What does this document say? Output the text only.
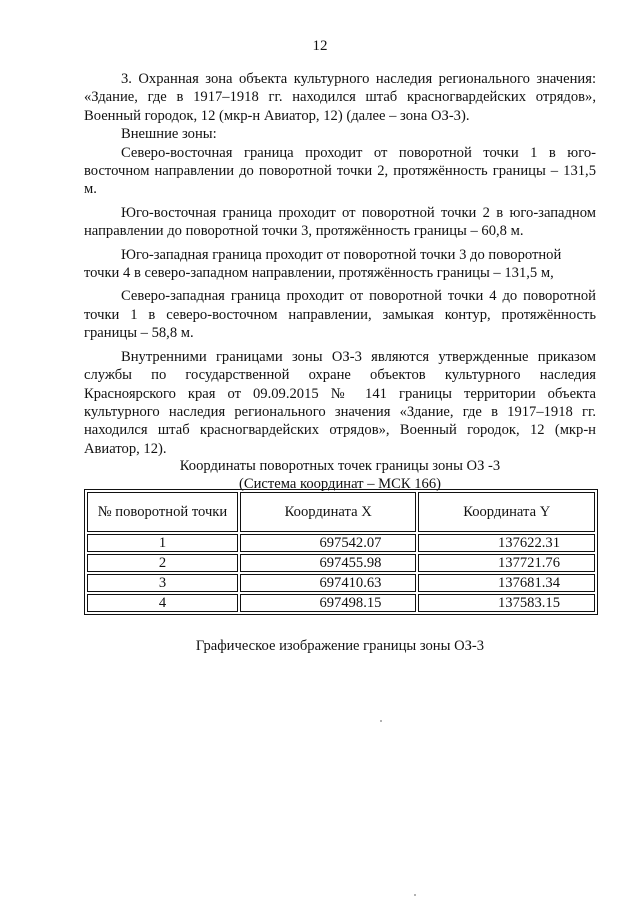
12

3. Охранная зона объекта культурного наследия регионального значения: «Здание, где в 1917–1918 гг. находился штаб красногвардейских отрядов», Военный городок, 12 (мкр-н Авиатор, 12) (далее – зона ОЗ-3).

Внешние зоны:

Северо-восточная граница проходит от поворотной точки 1 в юго-восточном направлении до поворотной точки 2, протяжённость границы – 131,5 м.

Юго-восточная граница проходит от поворотной точки 2 в юго-западном направлении до поворотной точки 3, протяжённость границы – 60,8 м.

Юго-западная граница проходит от поворотной точки 3 до поворотной точки 4 в северо-западном направлении, протяжённость границы – 131,5 м,

Северо-западная граница проходит от поворотной точки 4 до поворотной точки 1 в северо-восточном направлении, замыкая контур, протяжённость границы – 58,8 м.

Внутренними границами зоны ОЗ-3 являются утвержденные приказом службы по государственной охране объектов культурного наследия Красноярского края от 09.09.2015 № 141 границы территории объекта культурного наследия регионального значения «Здание, где в 1917–1918 гг. находился штаб красногвардейских отрядов», Военный городок, 12 (мкр-н Авиатор, 12).

Координаты поворотных точек границы зоны ОЗ -3
(Система координат – МСК 166)
№ поворотной точки	Координата X	Координата Y
1	697542.07	137622.31
2	697455.98	137721.76
3	697410.63	137681.34
4	697498.15	137583.15
Графическое изображение границы зоны ОЗ-3
